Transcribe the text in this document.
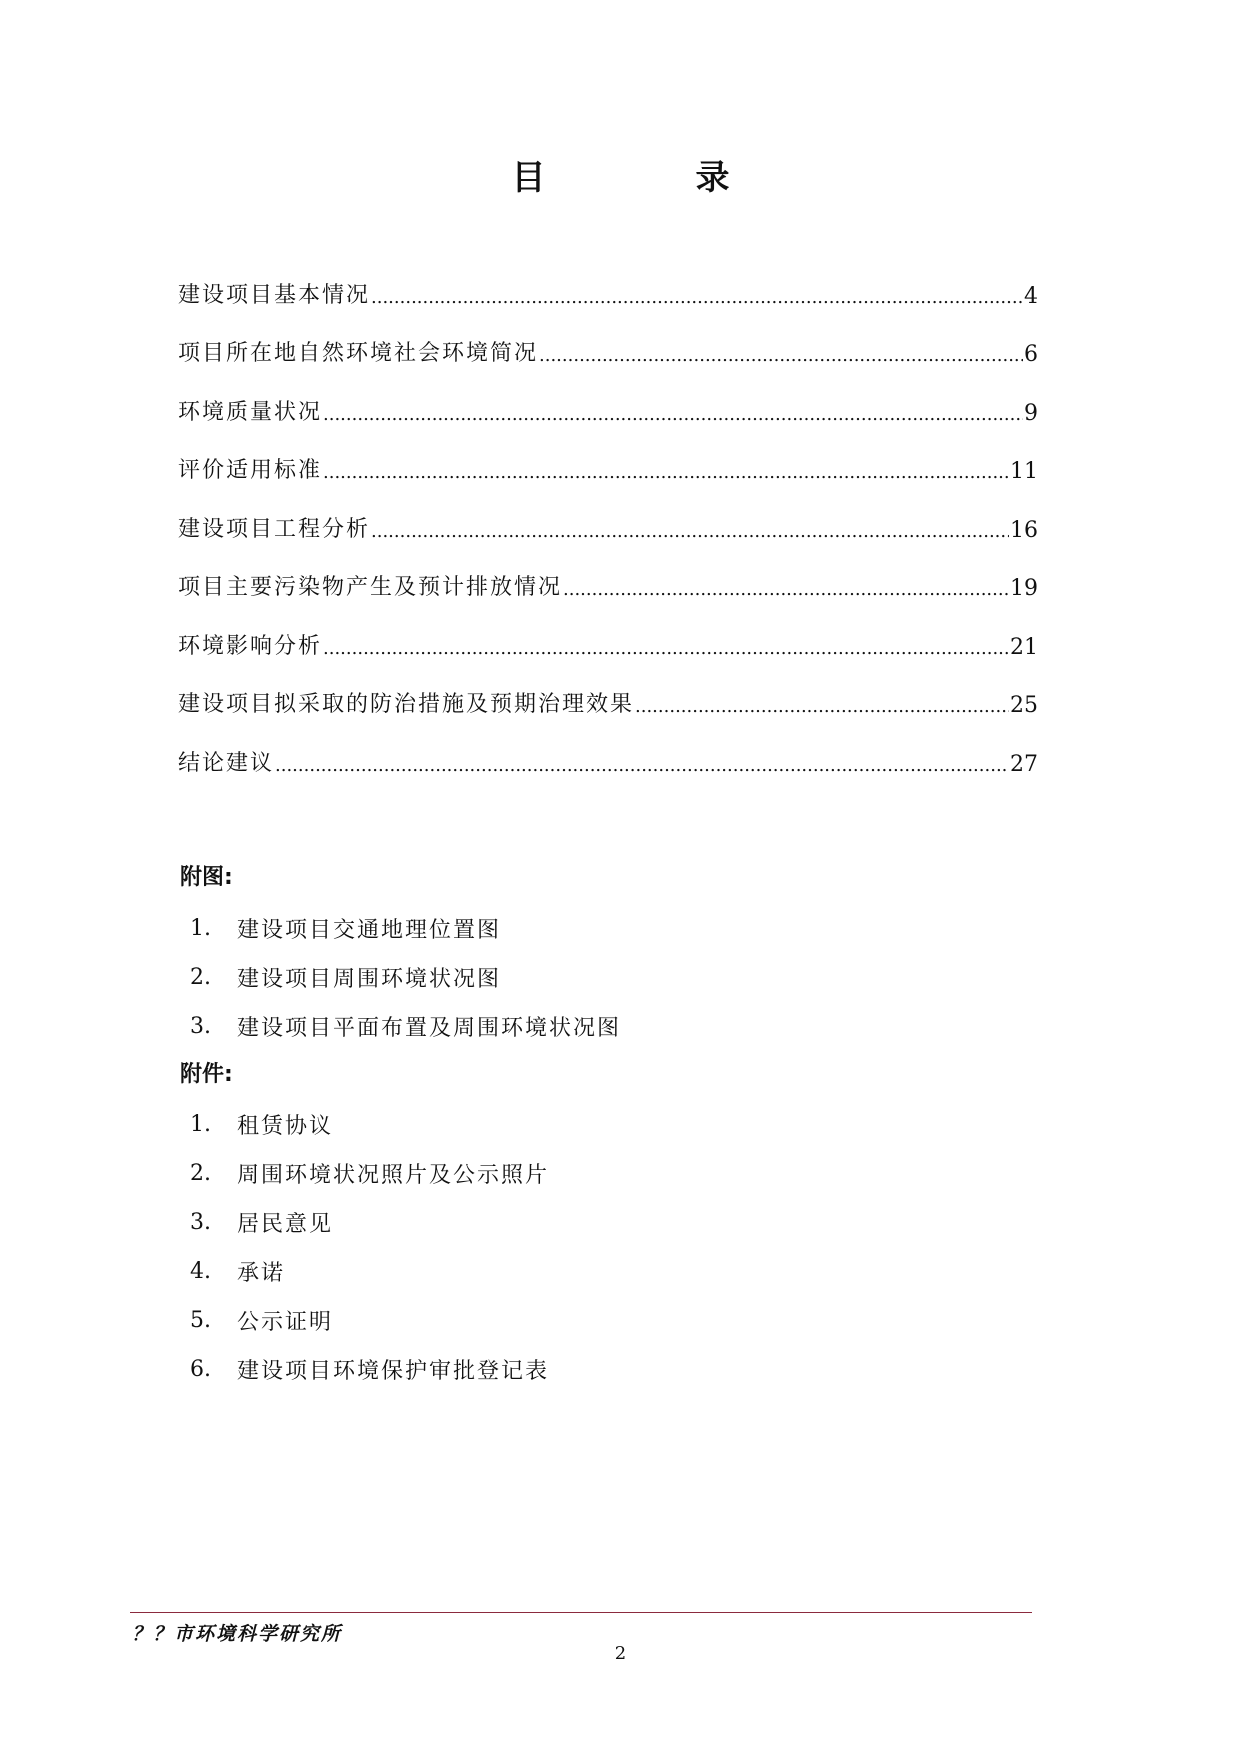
目	录
建设项目基本情况 .....	4
项目所在地自然环境社会环境简况 .....	6
环境质量状况 .....	9
评价适用标准 .....	11
建设项目工程分析 .....	16
项目主要污染物产生及预计排放情况 .....	19
环境影响分析 .....	21
建设项目拟采取的防治措施及预期治理效果 .....	25
结论建议 .....	27
附图:
1.	建设项目交通地理位置图
2.	建设项目周围环境状况图
3.	建设项目平面布置及周围环境状况图
附件:
1.	租赁协议
2.	周围环境状况照片及公示照片
3.	居民意见
4.	承诺
5.	公示证明
6.	建设项目环境保护审批登记表
？？市环境科学研究所
2
